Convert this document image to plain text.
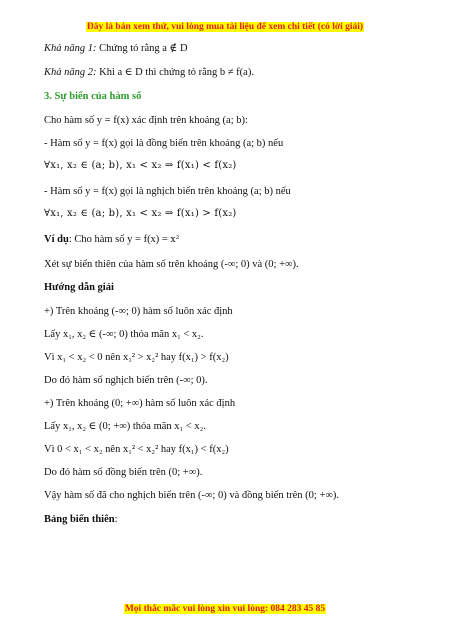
Đây là bản xem thử, vui lòng mua tài liệu để xem chi tiết (có lời giải)
Khả năng 1: Chứng tỏ rằng a ∉ D
Khả năng 2: Khi a ∈ D thì chứng tỏ rằng b ≠ f(a).
3. Sự biến của hàm số
Cho hàm số y = f(x) xác định trên khoảng (a; b):
- Hàm số y = f(x) gọi là đồng biến trên khoảng (a; b) nếu
∀x₁, x₂ ∈ (a; b), x₁ < x₂ ⇒ f(x₁) < f(x₂)
- Hàm số y = f(x) gọi là nghịch biến trên khoảng (a; b) nếu
∀x₁, x₂ ∈ (a; b), x₁ < x₂ ⇒ f(x₁) > f(x₂)
Ví dụ: Cho hàm số y = f(x) = x²
Xét sự biến thiên của hàm số trên khoảng (-∞; 0) và (0; +∞).
Hướng dẫn giải
+) Trên khoảng (-∞; 0) hàm số luôn xác định
Lấy x₁, x₂ ∈ (-∞; 0) thỏa mãn x₁ < x₂.
Vì x₁ < x₂ < 0 nên x₁² > x₂² hay f(x₁) > f(x₂)
Do đó hàm số nghịch biến trên (-∞; 0).
+) Trên khoảng (0; +∞) hàm số luôn xác định
Lấy x₁, x₂ ∈ (0; +∞) thỏa mãn x₁ < x₂.
Vì 0 < x₁ < x₂ nên x₁² < x₂² hay f(x₁) < f(x₂)
Do đó hàm số đồng biến trên (0; +∞).
Vậy hàm số đã cho nghịch biến trên (-∞; 0) và đồng biến trên (0; +∞).
Bảng biến thiên:
Mọi thắc mắc vui lòng xin vui lòng: 084 283 45 85
